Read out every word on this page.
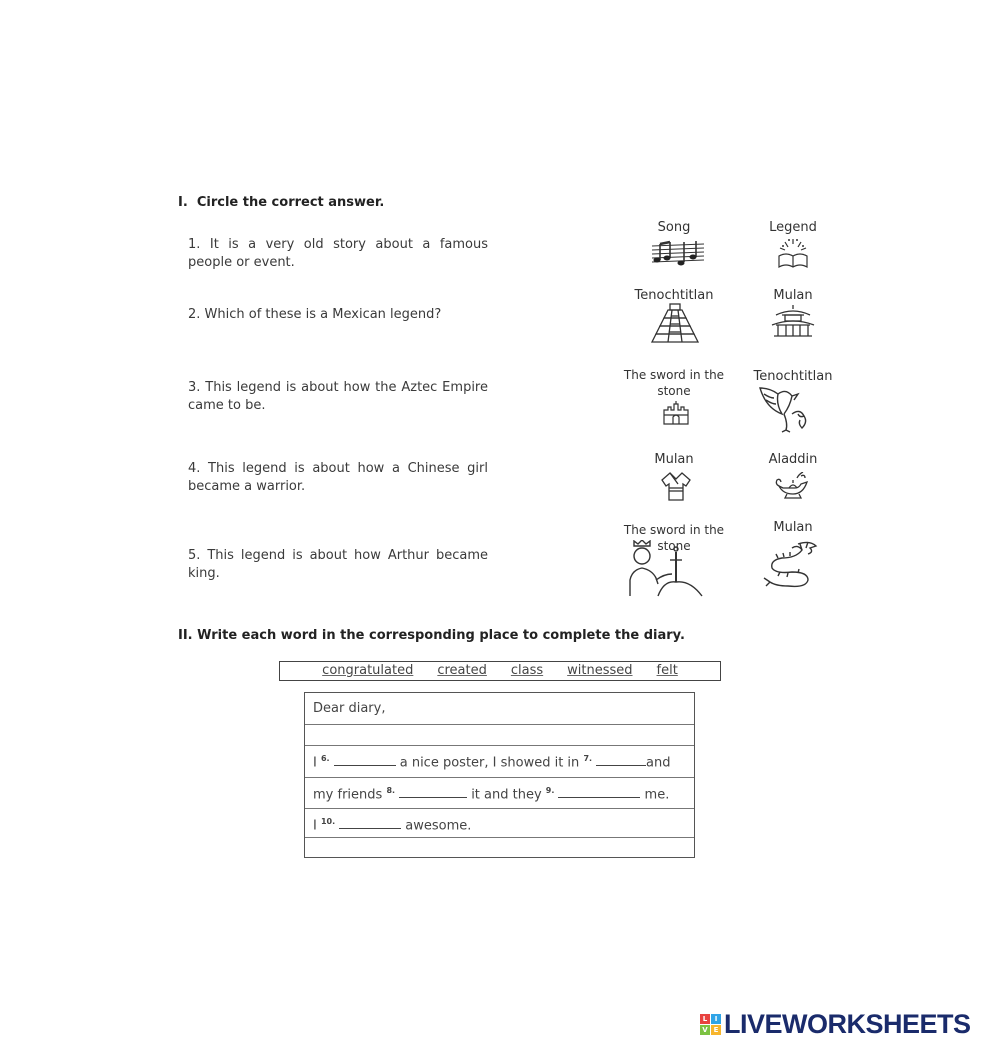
I.  Circle the correct answer.
1. It is a very old story about a famous people or event.
2. Which of these is a Mexican legend?
3. This legend is about how the Aztec Empire came to be.
4. This legend is about how a Chinese girl became a warrior.
5. This legend is about how Arthur became king.
Song	Legend
Tenochtitlan	Mulan
The sword in the stone
Tenochtitlan
Mulan	Aladdin
The sword in the stone
Mulan
II. Write each word in the corresponding place to complete the diary.
congratulated created class witnessed felt
Dear diary,
I $^{6.}$	a nice poster, I showed it in $^{7.}$	and
my friends $^{8.}$	it and they $^{9.}$	me.
I $^{10.}$	awesome.
L	I
V E LIVEWORKSHEETS
